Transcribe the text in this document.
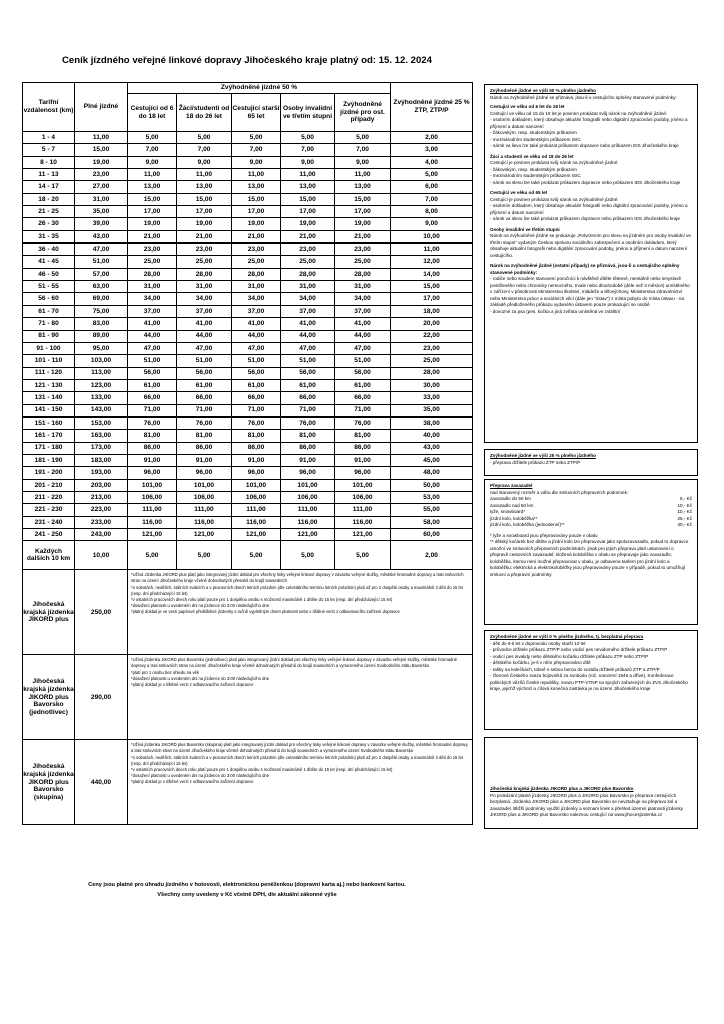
Ceník jízdného veřejné linkové dopravy Jihočeského kraje platný od: 15. 12. 2024
Tarifní vzdálenost (km)	Plné jízdné	Zvýhodněné jízdné 50 %					Zvýhodněné jízdné 25 % ZTP, ZTP/P
		Cestující od 6 do 18 let	Žáci/studenti od 18 do 26 let	Cestující starší 65 let	Osoby invalidní ve třetím stupni	Zvýhodněné jízdné pro ost. případy	
1 - 4	11,00	5,00	5,00	5,00	5,00	5,00	2,00
5 - 7	15,00	7,00	7,00	7,00	7,00	7,00	3,00
8 - 10	19,00	9,00	9,00	9,00	9,00	9,00	4,00
11 - 13	23,00	11,00	11,00	11,00	11,00	11,00	5,00
14 - 17	27,00	13,00	13,00	13,00	13,00	13,00	6,00
18 - 20	31,00	15,00	15,00	15,00	15,00	15,00	7,00
21 - 25	35,00	17,00	17,00	17,00	17,00	17,00	8,00
26 - 30	39,00	19,00	19,00	19,00	19,00	19,00	9,00
31 - 35	43,00	21,00	21,00	21,00	21,00	21,00	10,00
36 - 40	47,00	23,00	23,00	23,00	23,00	23,00	11,00
41 - 45	51,00	25,00	25,00	25,00	25,00	25,00	12,00
46 - 50	57,00	28,00	28,00	28,00	28,00	28,00	14,00
51 - 55	63,00	31,00	31,00	31,00	31,00	31,00	15,00
56 - 60	69,00	34,00	34,00	34,00	34,00	34,00	17,00
61 - 70	75,00	37,00	37,00	37,00	37,00	37,00	18,00
71 - 80	83,00	41,00	41,00	41,00	41,00	41,00	20,00
81 - 90	89,00	44,00	44,00	44,00	44,00	44,00	22,00
91 - 100	95,00	47,00	47,00	47,00	47,00	47,00	23,00
101 - 110	103,00	51,00	51,00	51,00	51,00	51,00	25,00
111 - 120	113,00	56,00	56,00	56,00	56,00	56,00	28,00
121 - 130	123,00	61,00	61,00	61,00	61,00	61,00	30,00
131 - 140	133,00	66,00	66,00	66,00	66,00	66,00	33,00
141 - 150	143,00	71,00	71,00	71,00	71,00	71,00	35,00
151 - 160	153,00	76,00	76,00	76,00	76,00	76,00	38,00
161 - 170	163,00	81,00	81,00	81,00	81,00	81,00	40,00
171 - 180	173,00	86,00	86,00	86,00	86,00	86,00	43,00
181 - 190	183,00	91,00	91,00	91,00	91,00	91,00	45,00
191 - 200	193,00	96,00	96,00	96,00	96,00	96,00	48,00
201 - 210	203,00	101,00	101,00	101,00	101,00	101,00	50,00
211 - 220	213,00	106,00	106,00	106,00	106,00	106,00	53,00
221 - 230	223,00	111,00	111,00	111,00	111,00	111,00	55,00
231 - 240	233,00	116,00	116,00	116,00	116,00	116,00	58,00
241 - 250	243,00	121,00	121,00	121,00	121,00	121,00	60,00
Každých dalších 10 km	10,00	5,00	5,00	5,00	5,00	5,00	2,00
Jihočeská krajská jízdenka JIKORD plus	250,00	*Užívá Jízdenka JIKORD plus platí jako integrovaný jízdní doklad pro všechny linky veřejné linkové dopravy v závazku veřejné služby, městské hromadné dopravy a trati smluvních stran na území Jihočeského kraje včetně dohodnutých přesahů do krajů sousedních
*o sobotách, nedělích, státních svátcích a v pracovních dnech letních prázdnin (dle celostátního termínu letních prázdnin) platí až pro 2 dospělé osoby a maximálně 3 děti do 15 let (resp. dní předcházející 15 let)
*v ostatních pracovních dnech roku platí pouze pro 1 dospělou osobu s možností maximálně 1 dítěte do 15 let (resp. dní předcházející 15 let)
*dosažení platnosti u uvedeném dni na jízdence do 3:00 následujícího dne
*platný doklad je ve verzi papírové předtištěné jízdenky s ručně vyplněným dnem platnosti nebo v tištěné verzi z odbavovacího zařízení dopravce					

Jihočeská krajská jízdenka JIKORD plus Bavorsko (jednotlivec)	290,00	*Užívá jízdenka JIKORD plus Bavorsko (jednotlivec) platí jako integrovaný jízdní doklad pro všechny linky veřejné linkové dopravy v závazku veřejné služby, městské hromadné dopravy a trati smluvních stran na území Jihočeského kraje včetně dohodnutých přesahů do krajů sousedních a vymezeného území Svobodného státu Bavorsko
*platí pro 1 osobu bez ohledu na věk
*dosažení platnosti u uvedeném dni na jízdence do 3:00 následujícího dne
*platný doklad je v tištěné verzi z odbavovacího zařízení dopravce					

Jihočeská krajská jízdenka JIKORD plus Bavorsko (skupina)	440,00	*Užívá jízdenka JIKORD plus Bavorsko (skupina) platí jako integrovaný jízdní doklad pro všechny linky veřejné linkové dopravy v závazku veřejné služby, městské hromadné dopravy a trati smluvních stran na území Jihočeského kraje včetně dohodnutých přesahů do krajů sousedních a vymezeného území Svobodného státu Bavorsko
*o sobotách, nedělích, státních svátcích a v pracovních dnech letních prázdnin (dle celostátního termínu letních prázdnin) platí až pro 2 dospělé osoby a maximálně 3 děti do 15 let (resp. dní předcházející 15 let)
*v ostatních pracovních dnech roku platí pouze pro 1 dospělou osobu s možností maximálně 1 dítěte do 15 let (resp. dní předcházející 15 let)
*dosažení platnosti u uvedeném dni na jízdence do 3:00 následujícího dne
*platný doklad je v tištěné verzi z odbavovacího zařízení dopravce					
Ceny jsou platné pro úhradu jízdného v hotovosti, elektronickou peněženkou (dopravní karta aj.) nebo bankovní kartou.
Všechny ceny uvedeny v Kč včetně DPH, dle aktuální zákonné výše
Zvýhodněné jízdné ve výši 50 % plného jízdného

Nárok na zvýhodněné jízdné se přiznává, jsou-li u cestujícího splněny stanovené podmínky:

Cestující ve věku od 6 let do 18 let
Cestující ve věku od 15 do 18 let je povinen prokázat svůj nárok na zvýhodněné jízdné:
- osobním dokladem, který obsahuje aktuální fotografii nebo digitální zpracování podoby, jméno a příjmení a datum narození
- žákovským, resp. studentským průkazem
- mezinárodním studentským průkazem ISIC
- nárok va lievu lze také prokázat průkazem dopravce nebo průkazem IDS Jihočeského kraje
Žáci a studenti ve věku od 18 do 26 let
Cestující je povinen prokázat svůj nárok na zvýhodněné jízdné:
- žákovským, resp. studentským průkazem
- mezinárodním studentským průkazem ISIC
- nárok na slevu lze také prokázat průkazem dopravce nebo průkazem IDS Jihočeského kraje
Cestující ve věku od 65 let
Cestující je povinen prokázat svůj nárok na zvýhodněné jízdné:
- osobním dokladem, který obsahuje aktuální fotografii nebo digitální zpracování podoby, jméno a příjmení a datum narození
- nárok va slevu lze také prokázat průkazem dopravce nebo průkazem IDS Jihočeského kraje
Osoby invalidní ve třetím stupni
Nárok na zvýhodněné jízdné se prokazuje „Potvrzením pro slevu na jízdném pro osoby invalidní ve třetím stupni“ vydaným Českou správou sociálního zabezpečení a osobním dokladem, který obsahuje aktuální fotografii nebo digitální zpracování podoby, jméno a příjmení a datum narození cestujícího.
Nárok na zvýhodněné jízdné (ostatní případy) se přiznává, jsou-li u cestujícího splněny stanovené podmínky:
- rodiče nebo soudem stanovení poručníci k návštěvě dítěte tělesně, mentálně nebo smyslově postiženého nebo chronicky nemocného, trvale nebo dlouhodobě (déle než 3 měsíce) umístěného v zařízení v působnosti Ministerstva školství, mládeže a tělovýchovy, Ministerstva zdravotnictví nebo Ministerstva práce a sociálních věcí (dále jen "ústav") z místa pobytu do místa ústavu - na základě předloženého průkazu vydaného ústavem pouze prokazující se osobě
- dovozné za psa (pes, kočka a jiná zvířata umístěná ve zvláštní
Zvýhodněné jízdné ve výši 25 % plného jízdného
- přeprava držitele průkazu ZTP nebo ZTP/P
Přeprava zavazadel
nad stanovený rozměr a váhu dle smluvních přepravních podmínek:
zavazadlo do 50 km	5,- Kč
zavazadlo nad 50 km	10,- Kč
lyže, snowboard*	10,- Kč
jízdní kolo, koloběžka**	25,- Kč
jízdní kolo, koloběžka (jednodenní)**	40,- Kč
* lyže a snowboard jsou přepravovány pouze v obalu
** dětský kočárek bez dítěte a jízdní kolo lze přepravovat jako spoluzavazadlo, pokud to dopravce umožní ve smluvních přepravních podmínkách, jinak pro jejich přepravu platí ustanovení o přepravě cestovních zavazadel; složená koloběžka v obalu se přepravuje jako zavazadlo; koloběžka, kterou není možné přepravovat v obalu, je odbavena tarifem pro jízdní kolo a koloběžku; elektrická a elektrokoloběžky jsou přepravovány pouze v případě, pokud to umožňují smluvní a přepravní podmínky
Zvýhodněné jízdné ve výši 0 % plného jízdného, tj. bezplatná přeprava
- děti do 6-ti let v doprovodu osoby starší 10 let
- průvodce držitele průkazu ZTP/P nebo vodicí pes nevidomého držitele průkazu ZTP/P
- vodicí pes invalidy nebo dětského kočárku držitele průkazu ZTP nebo ZTP/P
- dětského kočárku, je-li v něm přepravováno dítě
- tašky na kolečkách, tobně s sebou berou do vozidla držitelé průkazů ZTP a ZTP/P
- členové Českého svazu bojovníků za svobodu (roč. narození 1946 a dříve), Konfederace politických vězňů České republiky, Svazu PTP-VTNP na spojích zařazených do ZVS Jihočeského kraje, jejichž výchozí a cílová konečná zastávka je na území Jihočeského kraje
Jihočeská krajská jízdenka JIKORD plus a JIKORD plus Bavorsko
Po prokázání platné jízdenky JIKORD plus a JIKORD plus Bavorsko je přeprava cestujících bezplatná. Jízdenka JIKORD plus a JIKORD plus Bavorsko se nevztahuje na přepravu kol a zavazadel. Bližší podmínky využití jízdenky a seznam linek a přehled územní platnosti jízdenky JIKORD plus a JIKORD plus Bavorsko naleznou cestující na www.jihocesjizdenka.cz
